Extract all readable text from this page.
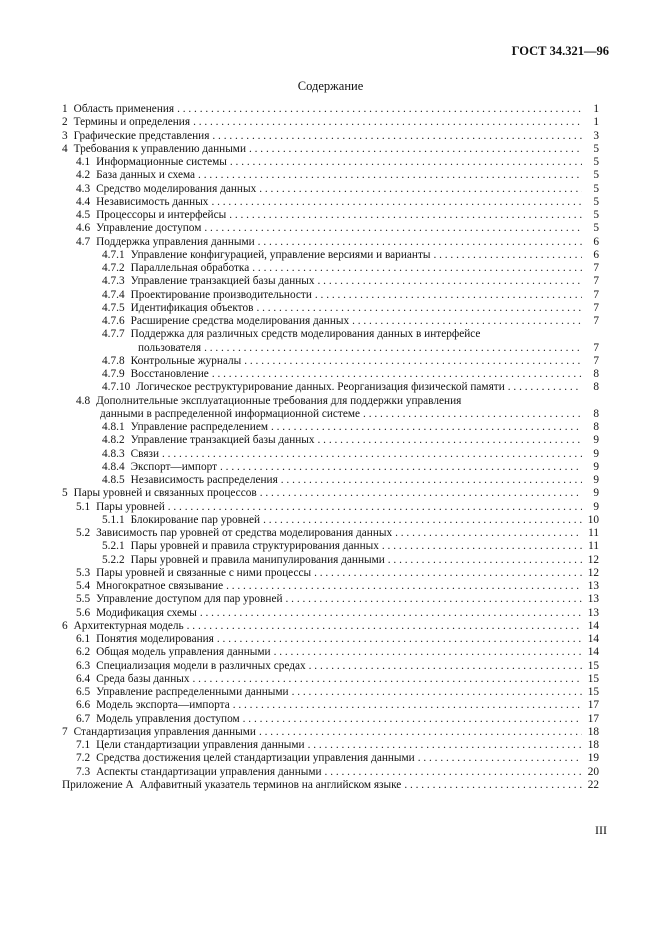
ГОСТ 34.321—96
Содержание
1 Область применения . . .	1
2 Термины и определения . . .	1
3 Графические представления . . .	3
4 Требования к управлению данными . . .	5
4.1 Информационные системы . . .	5
4.2 База данных и схема . . .	5
4.3 Средство моделирования данных . . .	5
4.4 Независимость данных . . .	5
4.5 Процессоры и интерфейсы . . .	5
4.6 Управление доступом . . .	5
4.7 Поддержка управления данными . . .	6
4.7.1 Управление конфигурацией, управление версиями и варианты . . .	6
4.7.2 Параллельная обработка . . .	7
4.7.3 Управление транзакцией базы данных . . .	7
4.7.4 Проектирование производительности . . .	7
4.7.5 Идентификация объектов . . .	7
4.7.6 Расширение средства моделирования данных . . .	7
4.7.7 Поддержка для различных средств моделирования данных в интерфейсе
пользователя . . .	7
4.7.8 Контрольные журналы . . .	7
4.7.9 Восстановление . . .	8
4.7.10 Логическое реструктурирование данных. Реорганизация физической памяти . . .	8
4.8 Дополнительные эксплуатационные требования для поддержки управления
данными в распределенной информационной системе . . .	8
4.8.1 Управление распределением . . .	8
4.8.2 Управление транзакцией базы данных . . .	9
4.8.3 Связи . . .	9
4.8.4 Экспорт—импорт . . .	9
4.8.5 Независимость распределения . . .	9
5 Пары уровней и связанных процессов . . .	9
5.1 Пары уровней . . .	9
5.1.1 Блокирование пар уровней . . .	10
5.2 Зависимость пар уровней от средства моделирования данных . . .	11
5.2.1 Пары уровней и правила структурирования данных . . .	11
5.2.2 Пары уровней и правила манипулирования данными . . .	12
5.3 Пары уровней и связанные с ними процессы . . .	12
5.4 Многократное связывание . . .	13
5.5 Управление доступом для пар уровней . . .	13
5.6 Модификация схемы . . .	13
6 Архитектурная модель . . .	14
6.1 Понятия моделирования . . .	14
6.2 Общая модель управления данными . . .	14
6.3 Специализация модели в различных средах . . .	15
6.4 Среда базы данных . . .	15
6.5 Управление распределенными данными . . .	15
6.6 Модель экспорта—импорта . . .	17
6.7 Модель управления доступом . . .	17
7 Стандартизация управления данными . . .	18
7.1 Цели стандартизации управления данными . . .	18
7.2 Средства достижения целей стандартизации управления данными . . .	19
7.3 Аспекты стандартизации управления данными . . .	20
Приложение А Алфавитный указатель терминов на английском языке . . .	22
III
